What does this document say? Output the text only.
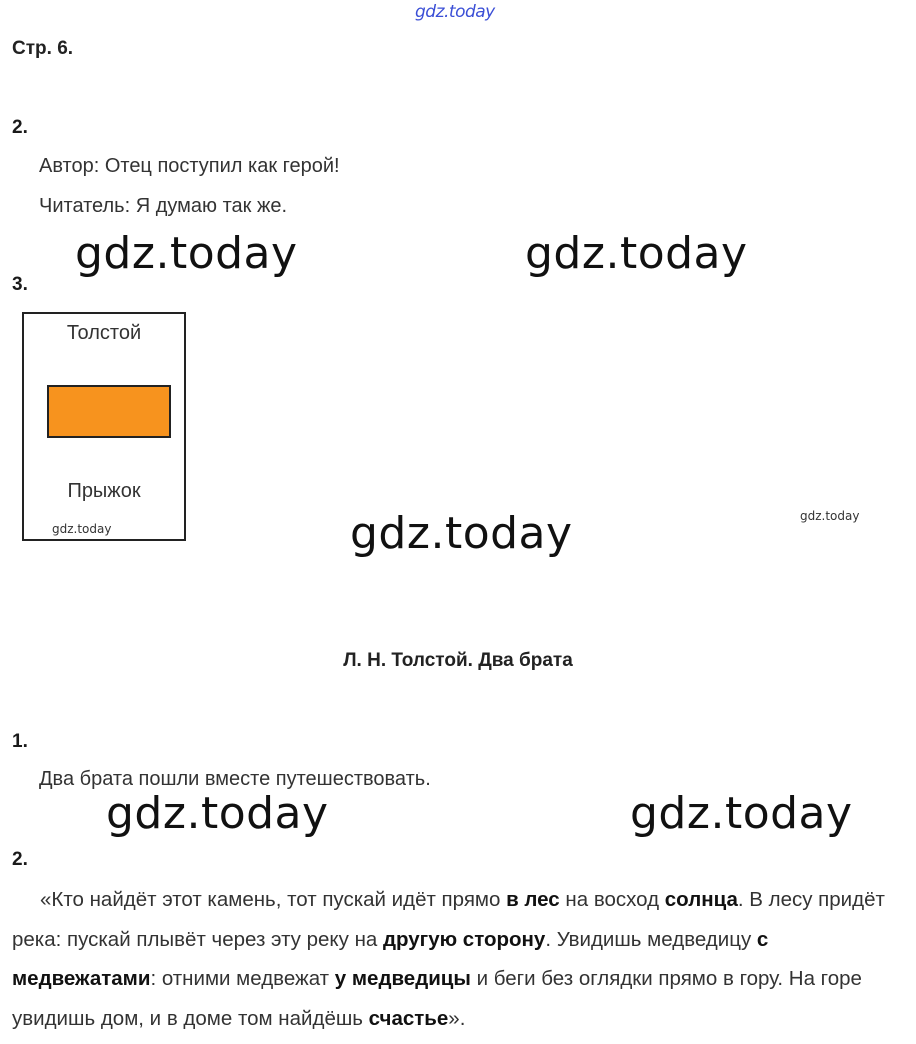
gdz.today
Стр. 6.
2.
Автор: Отец поступил как герой!
Читатель: Я думаю так же.
gdz.today	gdz.today
3.
Толстой
Прыжок
gdz.today	gdz.today	gdz.today
Л. Н. Толстой. Два брата
1.
Два брата пошли вместе путешествовать.
gdz.today	gdz.today
2.
«Кто найдёт этот камень, тот пускай идёт прямо в лес на восход солнца. В лесу придёт река: пускай плывёт через эту реку на другую сторону. Увидишь медведицу с медвежатами: отними медвежат у медведицы и беги без оглядки прямо в гору. На горе увидишь дом, и в доме том найдёшь счастье».
